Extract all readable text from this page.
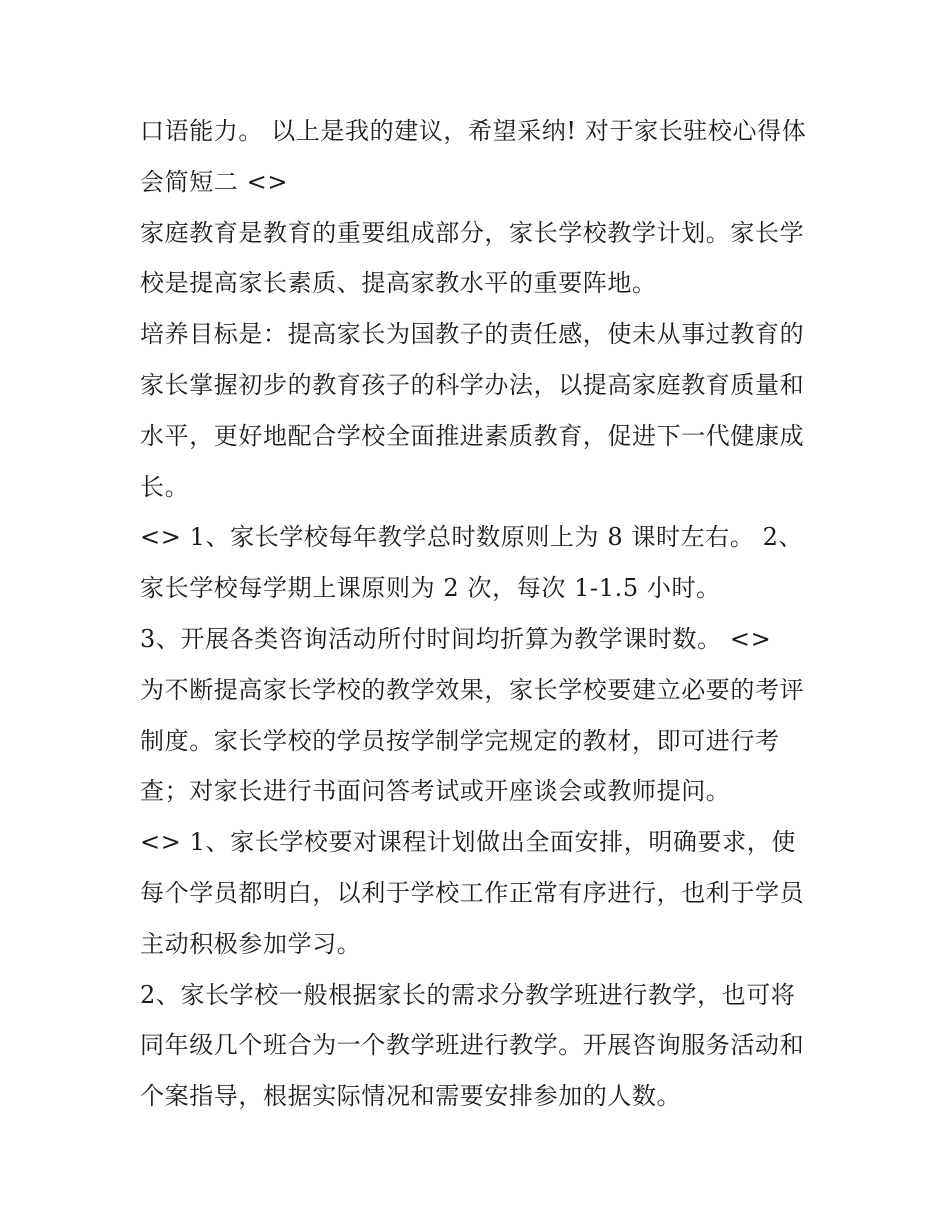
口语能力。 以上是我的建议，希望采纳! 对于家长驻校心得体会简短二 <>

家庭教育是教育的重要组成部分，家长学校教学计划。家长学校是提高家长素质、提高家教水平的重要阵地。

培养目标是：提高家长为国教子的责任感，使未从事过教育的家长掌握初步的教育孩子的科学办法，以提高家庭教育质量和水平，更好地配合学校全面推进素质教育，促进下一代健康成长。

<> 1、家长学校每年教学总时数原则上为 8 课时左右。 2、家长学校每学期上课原则为 2 次，每次 1-1.5 小时。

3、开展各类咨询活动所付时间均折算为教学课时数。 <>

为不断提高家长学校的教学效果，家长学校要建立必要的考评制度。家长学校的学员按学制学完规定的教材，即可进行考查；对家长进行书面问答考试或开座谈会或教师提问。

<> 1、家长学校要对课程计划做出全面安排，明确要求，使每个学员都明白，以利于学校工作正常有序进行，也利于学员主动积极参加学习。

2、家长学校一般根据家长的需求分教学班进行教学，也可将同年级几个班合为一个教学班进行教学。开展咨询服务活动和个案指导，根据实际情况和需要安排参加的人数。
